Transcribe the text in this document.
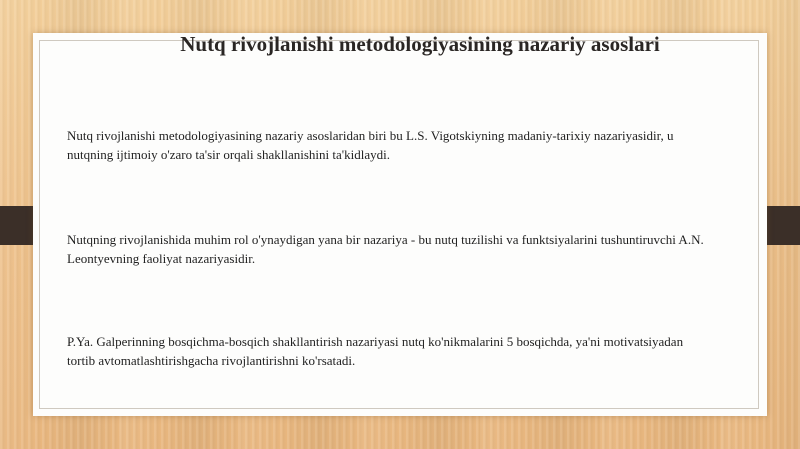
Nutq rivojlanishi metodologiyasining nazariy asoslari

Nutq rivojlanishi metodologiyasining nazariy asoslaridan biri bu L.S. Vigotskiyning madaniy-tarixiy nazariyasidir, u nutqning ijtimoiy o'zaro ta'sir orqali shakllanishini ta'kidlaydi.

Nutqning rivojlanishida muhim rol o'ynaydigan yana bir nazariya - bu nutq tuzilishi va funktsiyalarini tushuntiruvchi A.N. Leontyevning faoliyat nazariyasidir.

P.Ya. Galperinning bosqichma-bosqich shakllantirish nazariyasi nutq ko'nikmalarini 5 bosqichda, ya'ni motivatsiyadan tortib avtomatlashtirishgacha rivojlantirishni ko'rsatadi.
